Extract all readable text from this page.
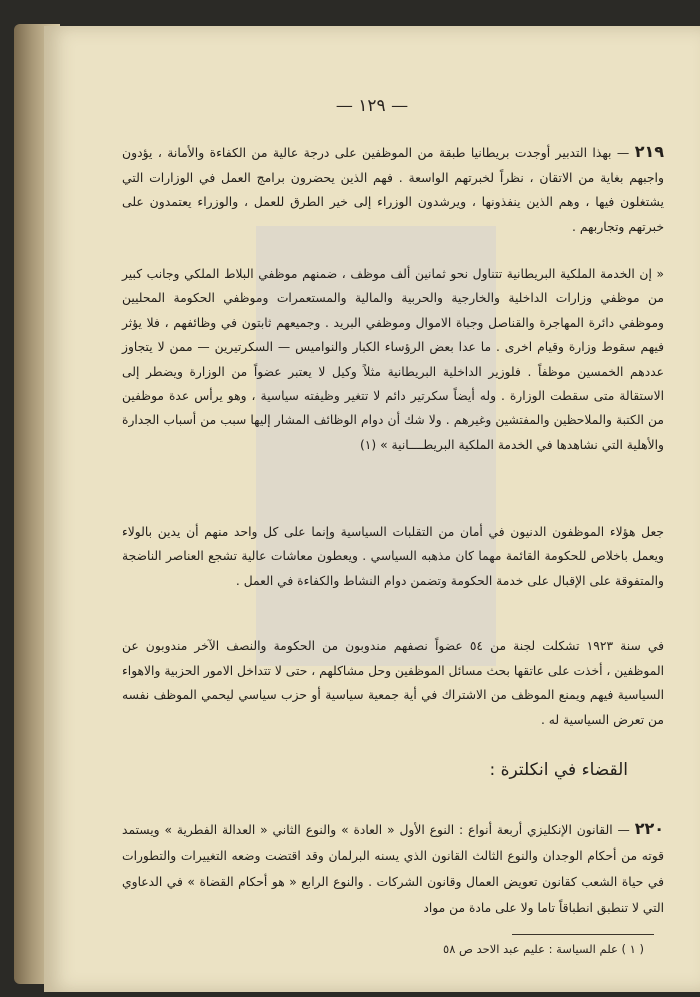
— ١٢٩ —
٢١٩ — بهذا التدبير أوجدت بريطانيا طبقة من الموظفين على درجة عالية من الكفاءة والأمانة ، يؤدون واجبهم بغاية من الاتقان ، نظراً لخبرتهم الواسعة . فهم الذين يحضرون برامج العمل في الوزارات التي يشتغلون فيها ، وهم الذين ينفذونها ، ويرشدون الوزراء إلى خير الطرق للعمل ، والوزراء يعتمدون على خبرتهم وتجاربهم .
« إن الخدمة الملكية البريطانية تتناول نحو ثمانين ألف موظف ، ضمنهم موظفي البلاط الملكي وجانب كبير من موظفي وزارات الداخلية والخارجية والحربية والمالية والمستعمرات وموظفي الحكومة المحليين وموظفي دائرة المهاجرة والقناصل وجباة الاموال وموظفي البريد . وجميعهم ثابتون في وظائفهم ، فلا يؤثر فيهم سقوط وزارة وقيام اخرى . ما عدا بعض الرؤساء الكبار والنواميس — السكرتيرين — ممن لا يتجاوز عددهم الخمسين موظفاً . فلوزير الداخلية البريطانية مثلاً وكيل لا يعتبر عضواً من الوزارة ويضطر إلى الاستقالة متى سقطت الوزارة . وله أيضاً سكرتير دائم لا تتغير وظيفته سياسية ، وهو يرأس عدة موظفين من الكتبة والملاحظين والمفتشين وغيرهم . ولا شك أن دوام الوظائف المشار إليها سبب من أسباب الجدارة والأهلية التي نشاهدها في الخدمة الملكية البريطــــانية » (١)
جعل هؤلاء الموظفون الدنيون في أمان من التقلبات السياسية وإنما على كل واحد منهم أن يدين بالولاء ويعمل باخلاص للحكومة القائمة مهما كان مذهبه السياسي . ويعطون معاشات عالية تشجع العناصر الناضجة والمتفوقة على الإقبال على خدمة الحكومة وتضمن دوام النشاط والكفاءة في العمل .
في سنة ١٩٢٣ تشكلت لجنة من ٥٤ عضواً نصفهم مندوبون من الحكومة والنصف الآخر مندوبون عن الموظفين ، أخذت على عاتقها بحث مسائل الموظفين وحل مشاكلهم ، حتى لا تتداخل الامور الحزبية والاهواء السياسية فيهم ويمنع الموظف من الاشتراك في أية جمعية سياسية أو حزب سياسي ليحمي الموظف نفسه من تعرض السياسية له .
القضاء في انكلترة :
٢٢٠ — القانون الإنكليزي أربعة أنواع : النوع الأول « العادة » والنوع الثاني « العدالة الفطرية » ويستمد قوته من أحكام الوجدان والنوع الثالث القانون الذي يسنه البرلمان وقد اقتضت وضعه التغييرات والتطورات في حياة الشعب كقانون تعويض العمال وقانون الشركات . والنوع الرابع « هو أحكام القضاة » في الدعاوي التي لا تنطبق انطباقاً تاما ولا على مادة من مواد
( ١ ) علم السياسة : عليم عبد الاحد ص ٥٨
